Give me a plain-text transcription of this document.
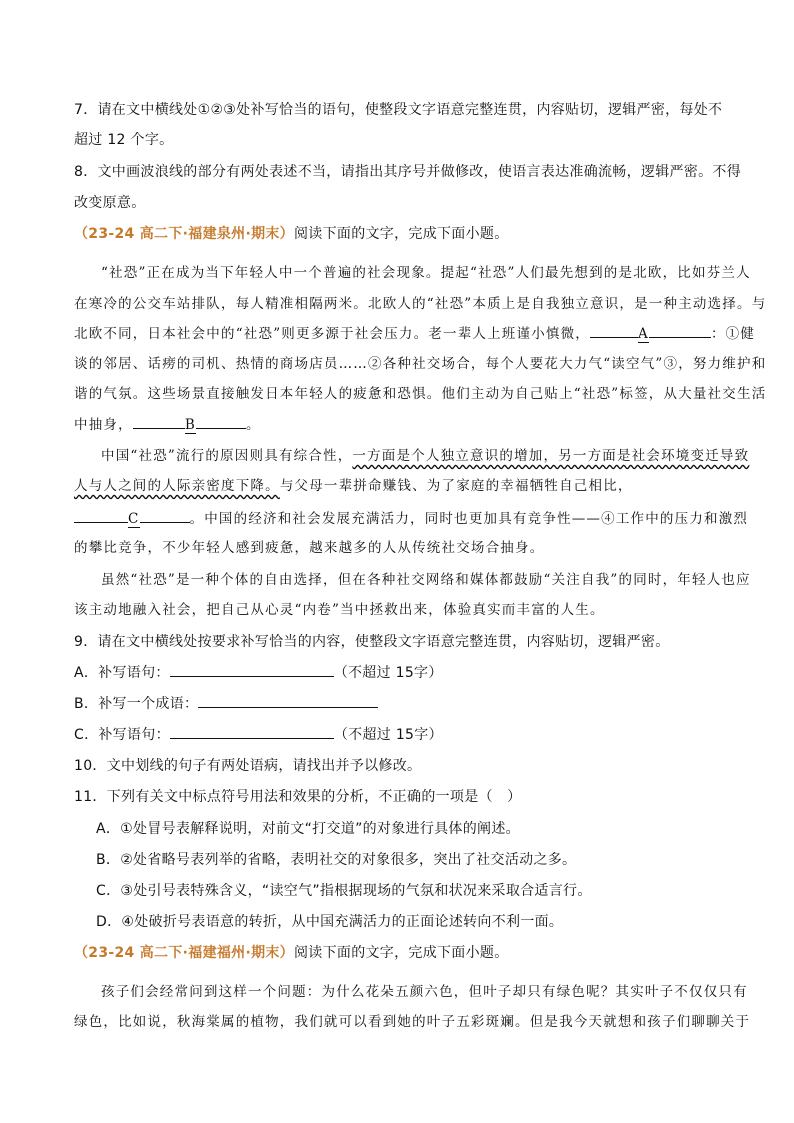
7．请在文中横线处①②③处补写恰当的语句，使整段文字语意完整连贯，内容贴切，逻辑严密，每处不
超过 12 个字。
8．文中画波浪线的部分有两处表述不当，请指出其序号并做修改，使语言表达准确流畅，逻辑严密。不得
改变原意。
（23-24 高二下·福建泉州·期末）阅读下面的文字，完成下面小题。
“社恐”正在成为当下年轻人中一个普遍的社会现象。提起“社恐”人们最先想到的是北欧，比如芬兰人
在寒冷的公交车站排队，每人精准相隔两米。北欧人的“社恐”本质上是自我独立意识，是一种主动选择。与
北欧不同，日本社会中的“社恐”则更多源于社会压力。老一辈人上班谨小慎微，	A	：①健
谈的邻居、话痨的司机、热情的商场店员……②各种社交场合，每个人要花大力气“读空气”③，努力维护和
谐的气氛。这些场景直接触发日本年轻人的疲惫和恐惧。他们主动为自己贴上“社恐”标签，从大量社交生活
中抽身，	B	。
中国“社恐”流行的原因则具有综合性，一方面是个人独立意识的增加，另一方面是社会环境变迁导致
人与人之间的人际亲密度下降。与父母一辈拼命赚钱、为了家庭的幸福牺牲自己相比，
C	。中国的经济和社会发展充满活力，同时也更加具有竞争性——④工作中的压力和激烈
的攀比竞争，不少年轻人感到疲惫，越来越多的人从传统社交场合抽身。
虽然“社恐”是一种个体的自由选择，但在各种社交网络和媒体都鼓励“关注自我”的同时，年轻人也应
该主动地融入社会，把自己从心灵“内卷”当中拯救出来，体验真实而丰富的人生。
9．请在文中横线处按要求补写恰当的内容，使整段文字语意完整连贯，内容贴切，逻辑严密。
A．补写语句：	（不超过 15字）
B．补写一个成语：
C．补写语句：	（不超过 15字）
10．文中划线的句子有两处语病，请找出并予以修改。
11．下列有关文中标点符号用法和效果的分析，不正确的一项是（　）
A．①处冒号表解释说明，对前文“打交道”的对象进行具体的阐述。
B．②处省略号表列举的省略，表明社交的对象很多，突出了社交活动之多。
C．③处引号表特殊含义，“读空气”指根据现场的气氛和状况来采取合适言行。
D．④处破折号表语意的转折，从中国充满活力的正面论述转向不利一面。
（23-24 高二下·福建福州·期末）阅读下面的文字，完成下面小题。
孩子们会经常问到这样一个问题：为什么花朵五颜六色，但叶子却只有绿色呢？其实叶子不仅仅只有
绿色，比如说，秋海棠属的植物，我们就可以看到她的叶子五彩斑斓。但是我今天就想和孩子们聊聊关于
